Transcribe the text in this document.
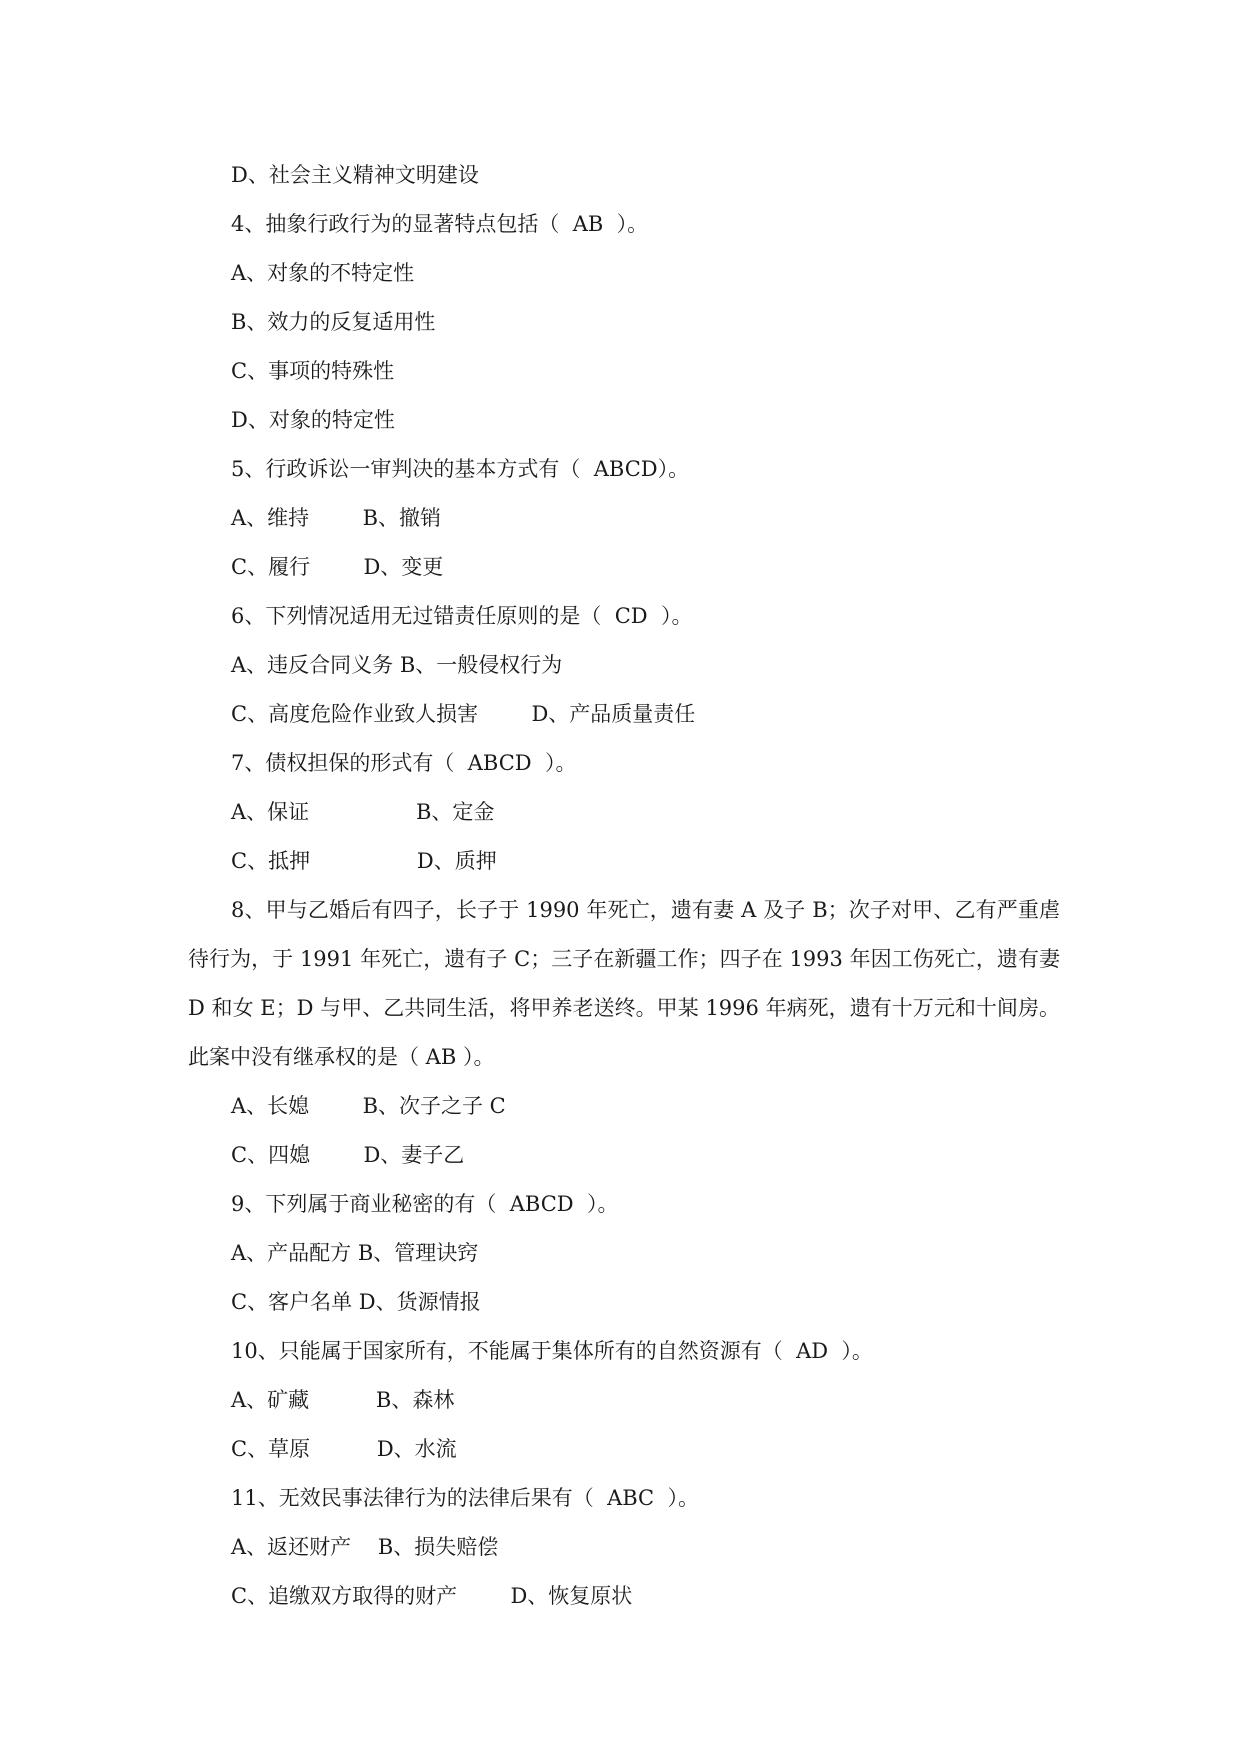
D、社会主义精神文明建设
4、抽象行政行为的显著特点包括（  AB  ）。
A、对象的不特定性
B、效力的反复适用性
C、事项的特殊性
D、对象的特定性
5、行政诉讼一审判决的基本方式有（  ABCD）。
A、维持        B、撤销
C、履行        D、变更
6、下列情况适用无过错责任原则的是（  CD  ）。
A、违反合同义务 B、一般侵权行为
C、高度危险作业致人损害        D、产品质量责任
7、债权担保的形式有（  ABCD  ）。
A、保证                B、定金
C、抵押                D、质押
8、甲与乙婚后有四子，长子于 1990 年死亡，遗有妻 A 及子 B；次子对甲、乙有严重虐待行为，于 1991 年死亡，遗有子 C；三子在新疆工作；四子在 1993 年因工伤死亡，遗有妻 D 和女 E；D 与甲、乙共同生活，将甲养老送终。甲某 1996 年病死，遗有十万元和十间房。此案中没有继承权的是（ AB ）。
A、长媳        B、次子之子 C
C、四媳        D、妻子乙
9、下列属于商业秘密的有（  ABCD  ）。
A、产品配方 B、管理诀窍
C、客户名单 D、货源情报
10、只能属于国家所有，不能属于集体所有的自然资源有（  AD  ）。
A、矿藏          B、森林
C、草原          D、水流
11、无效民事法律行为的法律后果有（  ABC  ）。
A、返还财产    B、损失赔偿
C、追缴双方取得的财产        D、恢复原状
